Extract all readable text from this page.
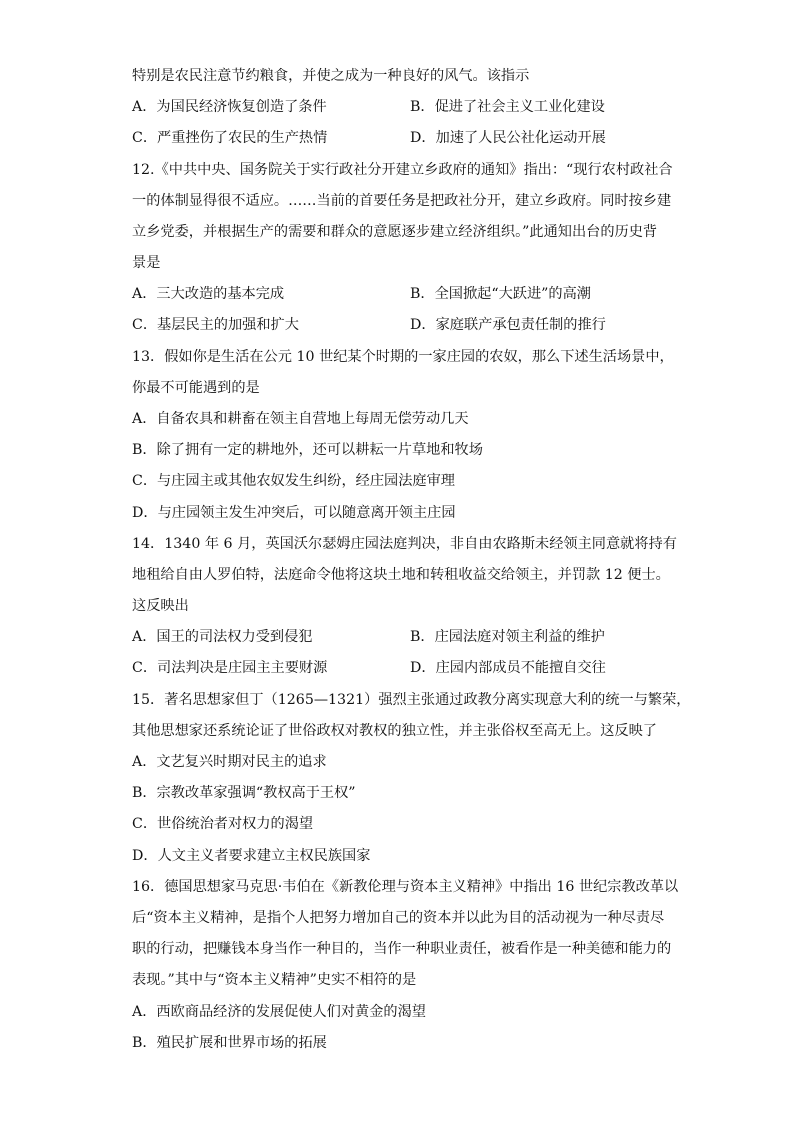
特别是农民注意节约粮食，并使之成为一种良好的风气。该指示
A．为国民经济恢复创造了条件	B．促进了社会主义工业化建设
C．严重挫伤了农民的生产热情	D．加速了人民公社化运动开展
12.《中共中央、国务院关于实行政社分开建立乡政府的通知》指出：“现行农村政社合
一的体制显得很不适应。……当前的首要任务是把政社分开，建立乡政府。同时按乡建
立乡党委，并根据生产的需要和群众的意愿逐步建立经济组织。”此通知出台的历史背
景是
A．三大改造的基本完成	B．全国掀起“大跃进”的高潮
C．基层民主的加强和扩大	D．家庭联产承包责任制的推行
13．假如你是生活在公元 10 世纪某个时期的一家庄园的农奴，那么下述生活场景中，
你最不可能遇到的是
A．自备农具和耕畜在领主自营地上每周无偿劳动几天
B．除了拥有一定的耕地外，还可以耕耘一片草地和牧场
C．与庄园主或其他农奴发生纠纷，经庄园法庭审理
D．与庄园领主发生冲突后，可以随意离开领主庄园
14．1340 年 6 月，英国沃尔瑟姆庄园法庭判决，非自由农路斯未经领主同意就将持有
地租给自由人罗伯特，法庭命令他将这块土地和转租收益交给领主，并罚款 12 便士。
这反映出
A．国王的司法权力受到侵犯	B．庄园法庭对领主利益的维护
C．司法判决是庄园主主要财源	D．庄园内部成员不能擅自交往
15．著名思想家但丁（1265—1321）强烈主张通过政教分离实现意大利的统一与繁荣，
其他思想家还系统论证了世俗政权对教权的独立性，并主张俗权至高无上。这反映了
A．文艺复兴时期对民主的追求
B．宗教改革家强调“教权高于王权”
C．世俗统治者对权力的渴望
D．人文主义者要求建立主权民族国家
16．德国思想家马克思·韦伯在《新教伦理与资本主义精神》中指出 16 世纪宗教改革以
后“资本主义精神，是指个人把努力增加自己的资本并以此为目的活动视为一种尽责尽
职的行动，把赚钱本身当作一种目的，当作一种职业责任，被看作是一种美德和能力的
表现。”其中与“资本主义精神”史实不相符的是
A．西欧商品经济的发展促使人们对黄金的渴望
B．殖民扩展和世界市场的拓展
